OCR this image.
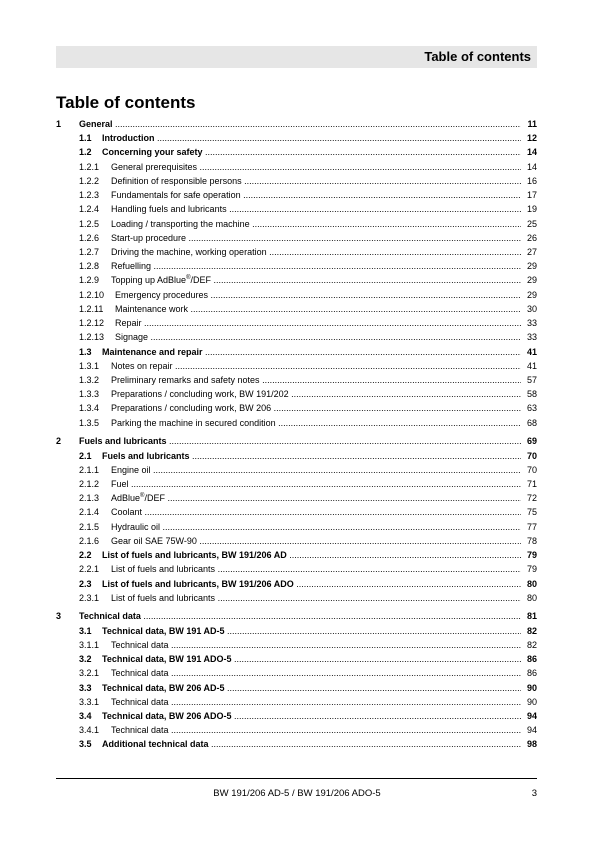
Table of contents
Table of contents
1 General .....	11
1.1 Introduction .....	12
1.2 Concerning your safety .....	14
1.2.1 General prerequisites .....	14
1.2.2 Definition of responsible persons .....	16
1.2.3 Fundamentals for safe operation .....	17
1.2.4 Handling fuels and lubricants .....	19
1.2.5 Loading / transporting the machine .....	25
1.2.6 Start-up procedure .....	26
1.2.7 Driving the machine, working operation .....	27
1.2.8 Refuelling .....	29
1.2.9 Topping up AdBlue®/DEF .....	29
1.2.10 Emergency procedures .....	29
1.2.11 Maintenance work .....	30
1.2.12 Repair .....	33
1.2.13 Signage .....	33
1.3 Maintenance and repair .....	41
1.3.1 Notes on repair .....	41
1.3.2 Preliminary remarks and safety notes .....	57
1.3.3 Preparations / concluding work, BW 191/202 .....	58
1.3.4 Preparations / concluding work, BW 206 .....	63
1.3.5 Parking the machine in secured condition .....	68
2 Fuels and lubricants .....	69
2.1 Fuels and lubricants .....	70
2.1.1 Engine oil .....	70
2.1.2 Fuel .....	71
2.1.3 AdBlue®/DEF .....	72
2.1.4 Coolant .....	75
2.1.5 Hydraulic oil .....	77
2.1.6 Gear oil SAE 75W-90 .....	78
2.2 List of fuels and lubricants, BW 191/206 AD .....	79
2.2.1 List of fuels and lubricants .....	79
2.3 List of fuels and lubricants, BW 191/206 ADO .....	80
2.3.1 List of fuels and lubricants .....	80
3 Technical data .....	81
3.1 Technical data, BW 191 AD-5 .....	82
3.1.1 Technical data .....	82
3.2 Technical data, BW 191 ADO-5 .....	86
3.2.1 Technical data .....	86
3.3 Technical data, BW 206 AD-5 .....	90
3.3.1 Technical data .....	90
3.4 Technical data, BW 206 ADO-5 .....	94
3.4.1 Technical data .....	94
3.5 Additional technical data .....	98
BW 191/206 AD-5 / BW 191/206 ADO-5	3
